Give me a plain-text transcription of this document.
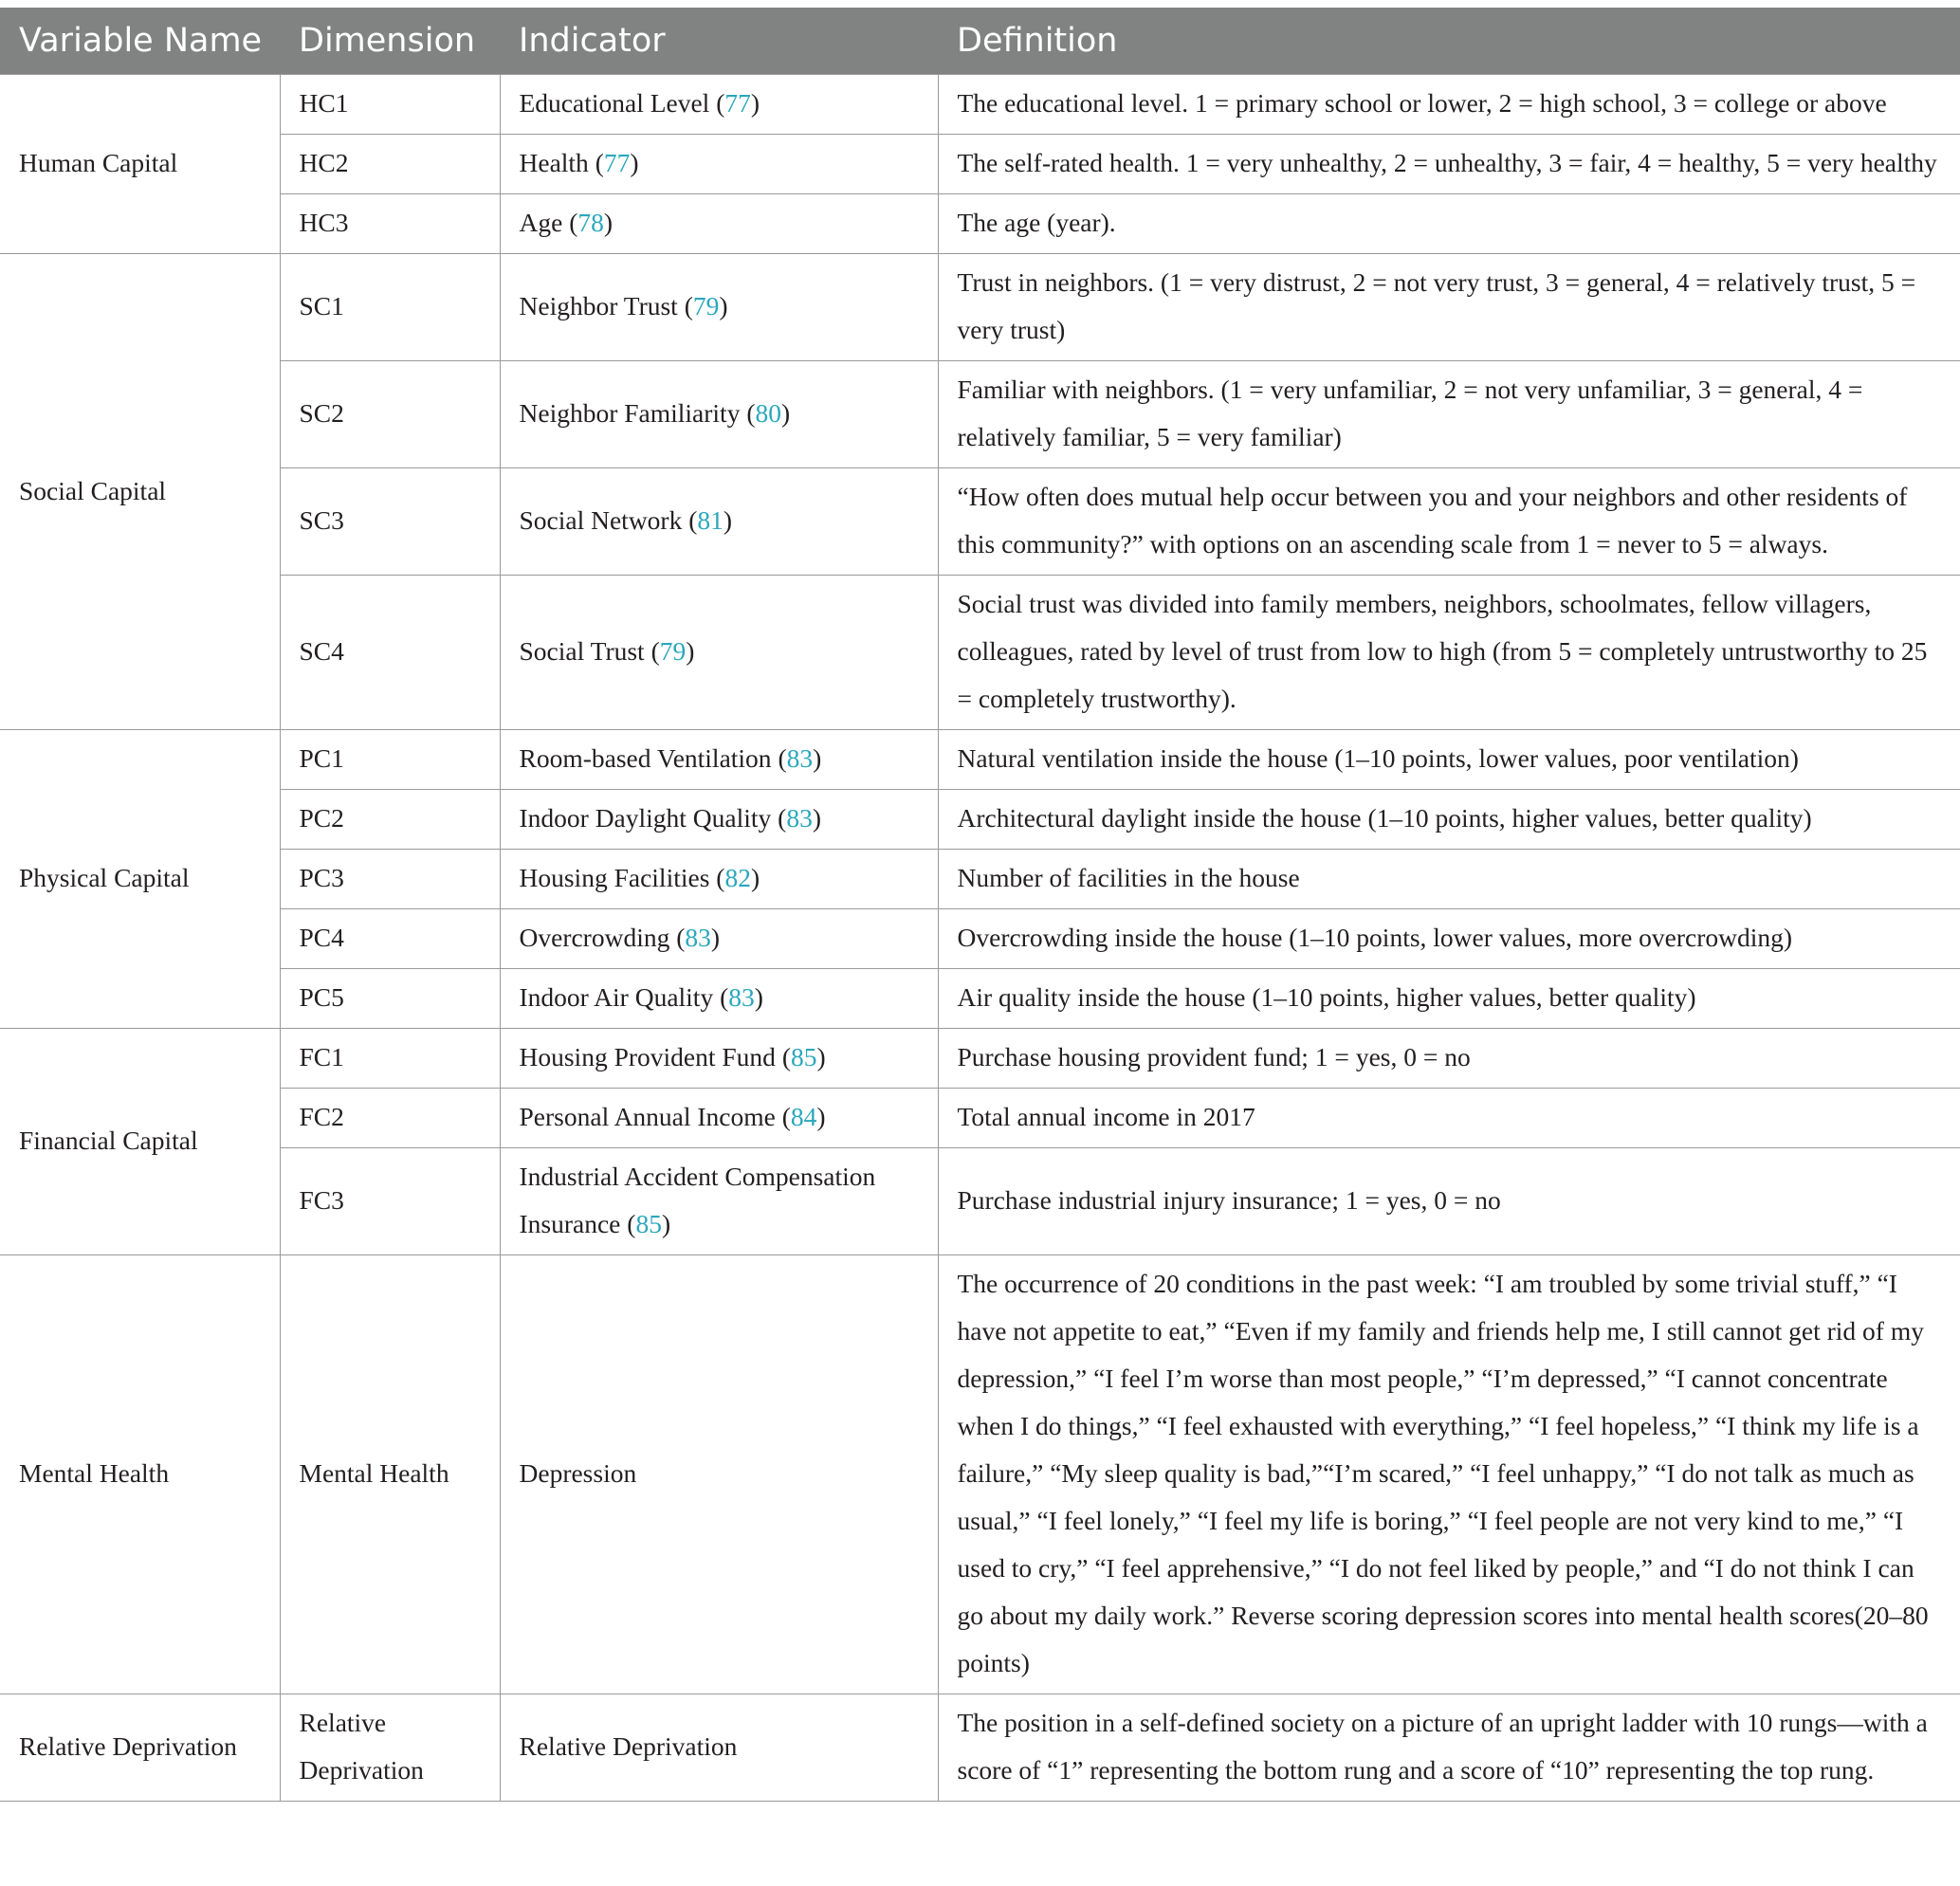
Variable Name	Dimension	Indicator	Definition
Human Capital	HC1	Educational Level (77)	The educational level. 1 = primary school or lower, 2 = high school, 3 = college or above
	HC2	Health (77)	The self-rated health. 1 = very unhealthy, 2 = unhealthy, 3 = fair, 4 = healthy, 5 = very healthy
	HC3	Age (78)	The age (year).
Social Capital	SC1	Neighbor Trust (79)	Trust in neighbors. (1 = very distrust, 2 = not very trust, 3 = general, 4 = relatively trust, 5 = very trust)
	SC2	Neighbor Familiarity (80)	Familiar with neighbors. (1 = very unfamiliar, 2 = not very unfamiliar, 3 = general, 4 = relatively familiar, 5 = very familiar)
	SC3	Social Network (81)	“How often does mutual help occur between you and your neighbors and other residents of this community?” with options on an ascending scale from 1 = never to 5 = always.
	SC4	Social Trust (79)	Social trust was divided into family members, neighbors, schoolmates, fellow villagers, colleagues, rated by level of trust from low to high (from 5 = completely untrustworthy to 25 = completely trustworthy).
Physical Capital	PC1	Room-based Ventilation (83)	Natural ventilation inside the house (1–10 points, lower values, poor ventilation)
	PC2	Indoor Daylight Quality (83)	Architectural daylight inside the house (1–10 points, higher values, better quality)
	PC3	Housing Facilities (82)	Number of facilities in the house
	PC4	Overcrowding (83)	Overcrowding inside the house (1–10 points, lower values, more overcrowding)
	PC5	Indoor Air Quality (83)	Air quality inside the house (1–10 points, higher values, better quality)
Financial Capital	FC1	Housing Provident Fund (85)	Purchase housing provident fund; 1 = yes, 0 = no
	FC2	Personal Annual Income (84)	Total annual income in 2017
	FC3	Industrial Accident Compensation Insurance (85)	Purchase industrial injury insurance; 1 = yes, 0 = no
Mental Health	Mental Health	Depression	The occurrence of 20 conditions in the past week: “I am troubled by some trivial stuff,” “I have not appetite to eat,” “Even if my family and friends help me, I still cannot get rid of my depression,” “I feel I’m worse than most people,” “I’m depressed,” “I cannot concentrate when I do things,” “I feel exhausted with everything,” “I feel hopeless,” “I think my life is a failure,” “My sleep quality is bad,”“I’m scared,” “I feel unhappy,” “I do not talk as much as usual,” “I feel lonely,” “I feel my life is boring,” “I feel people are not very kind to me,” “I used to cry,” “I feel apprehensive,” “I do not feel liked by people,” and “I do not think I can go about my daily work.” Reverse scoring depression scores into mental health scores(20–80 points)
Relative Deprivation	Relative Deprivation	Relative Deprivation	The position in a self-defined society on a picture of an upright ladder with 10 rungs—with a score of “1” representing the bottom rung and a score of “10” representing the top rung.
